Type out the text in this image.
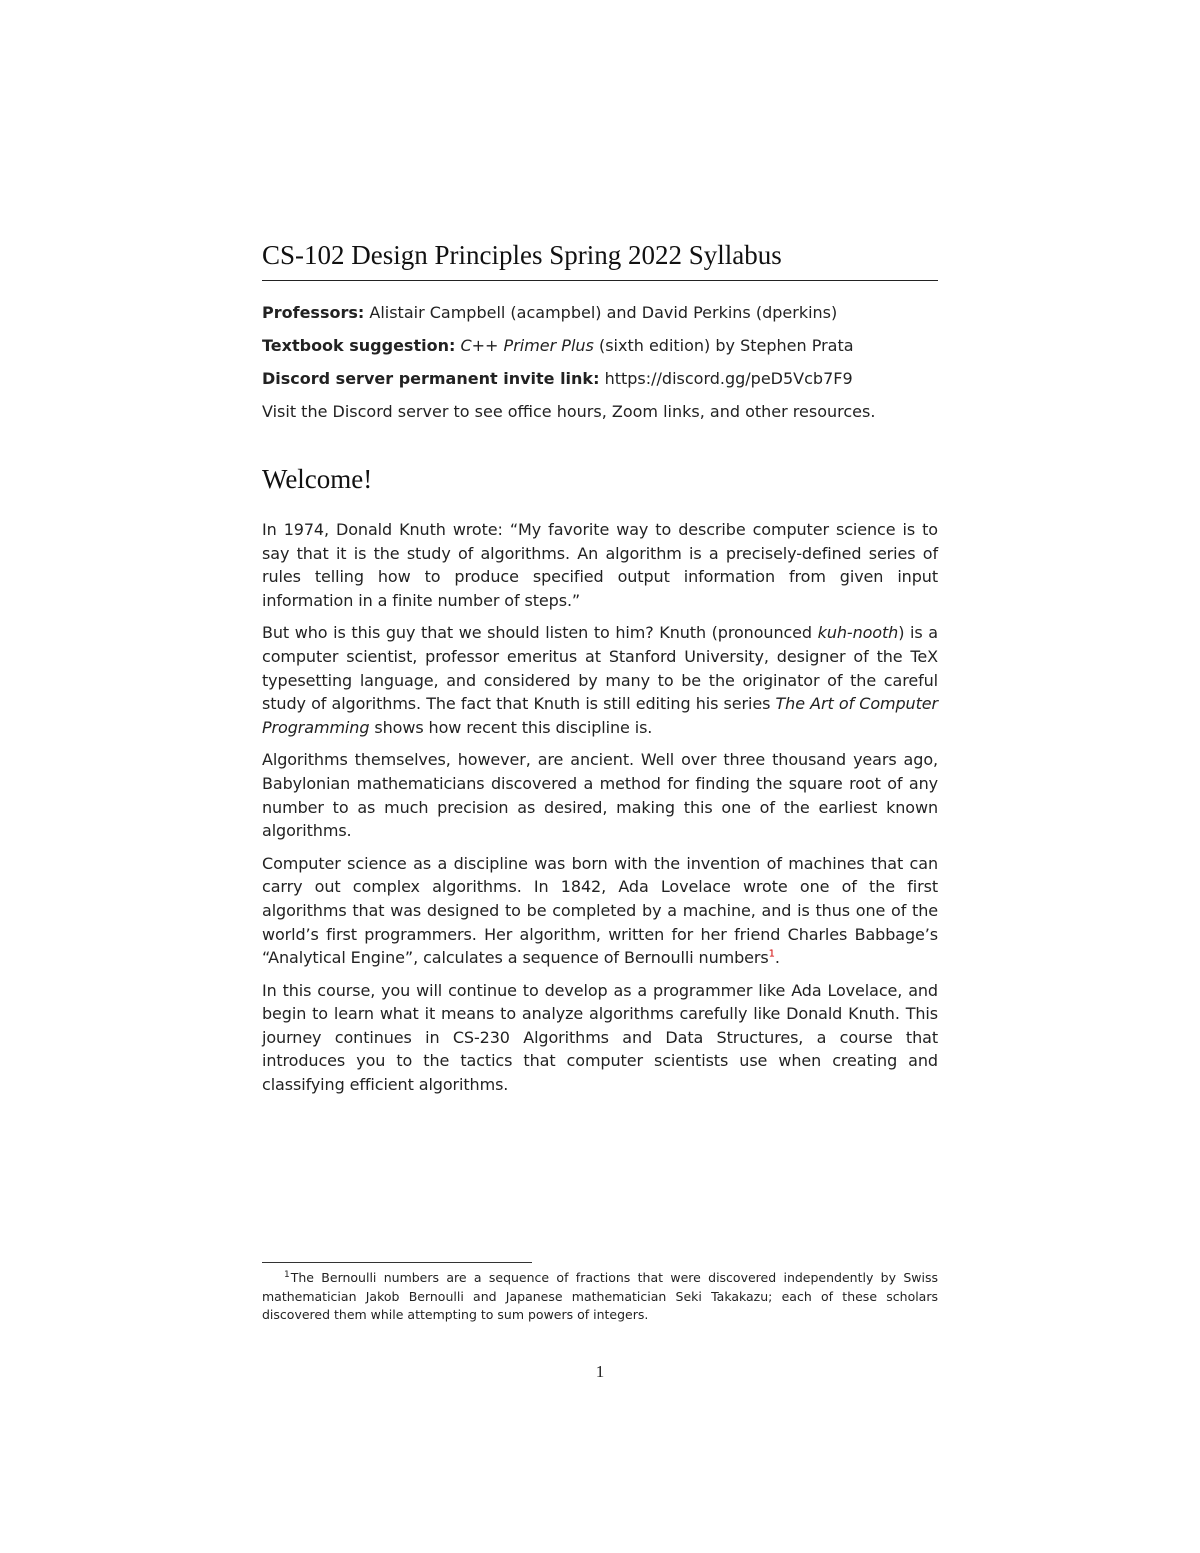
CS-102 Design Principles Spring 2022 Syllabus

Professors: Alistair Campbell (acampbel) and David Perkins (dperkins)

Textbook suggestion: C++ Primer Plus (sixth edition) by Stephen Prata

Discord server permanent invite link: https://discord.gg/peD5Vcb7F9

Visit the Discord server to see office hours, Zoom links, and other resources.

Welcome!

In 1974, Donald Knuth wrote: “My favorite way to describe computer science is to say that it is the study of algorithms. An algorithm is a precisely-defined series of rules telling how to produce specified output information from given input information in a finite number of steps.”

But who is this guy that we should listen to him? Knuth (pronounced kuh-nooth) is a computer scientist, professor emeritus at Stanford University, designer of the TeX typesetting language, and considered by many to be the originator of the careful study of algorithms. The fact that Knuth is still editing his series The Art of Computer Programming shows how recent this discipline is.

Algorithms themselves, however, are ancient. Well over three thousand years ago, Babylonian mathematicians discovered a method for finding the square root of any number to as much precision as desired, making this one of the earliest known algorithms.

Computer science as a discipline was born with the invention of machines that can carry out complex algorithms. In 1842, Ada Lovelace wrote one of the first algorithms that was designed to be completed by a machine, and is thus one of the world’s first programmers. Her algorithm, written for her friend Charles Babbage’s “Analytical Engine”, calculates a sequence of Bernoulli numbers$^1$.

In this course, you will continue to develop as a programmer like Ada Lovelace, and begin to learn what it means to analyze algorithms carefully like Donald Knuth. This journey continues in CS-230 Algorithms and Data Structures, a course that introduces you to the tactics that computer scientists use when creating and classifying efficient algorithms.

$^1$The Bernoulli numbers are a sequence of fractions that were discovered independently by Swiss mathematician Jakob Bernoulli and Japanese mathematician Seki Takakazu; each of these scholars discovered them while attempting to sum powers of integers.

1
